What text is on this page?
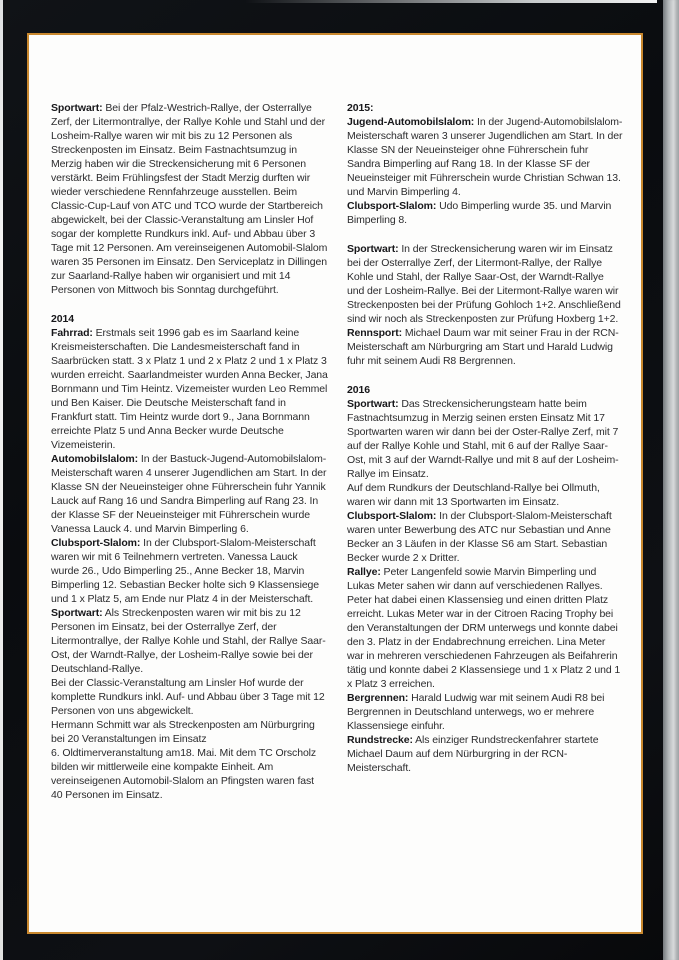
Sportwart: Bei der Pfalz-Westrich-Rallye, der Osterrallye Zerf, der Litermontrallye, der Rallye Kohle und Stahl und der Losheim-Rallye waren wir mit bis zu 12 Personen als Streckenposten im Einsatz. Beim Fastnachtsumzug in Merzig haben wir die Streckensicherung mit 6 Personen verstärkt. Beim Frühlingsfest der Stadt Merzig durften wir wieder verschiedene Rennfahrzeuge ausstellen. Beim Classic-Cup-Lauf von ATC und TCO wurde der Startbereich abgewickelt, bei der Classic-Veranstaltung am Linsler Hof sogar der komplette Rundkurs inkl. Auf- und Abbau über 3 Tage mit 12 Personen. Am vereinseigenen Automobil-Slalom waren 35 Personen im Einsatz. Den Serviceplatz in Dillingen zur Saarland-Rallye haben wir organisiert und mit 14 Personen von Mittwoch bis Sonntag durchgeführt.

2014

Fahrrad: Erstmals seit 1996 gab es im Saarland keine Kreismeisterschaften. Die Landesmeisterschaft fand in Saarbrücken statt. 3 x Platz 1 und 2 x Platz 2 und 1 x Platz 3 wurden erreicht. Saarlandmeister wurden Anna Becker, Jana Bornmann und Tim Heintz. Vizemeister wurden Leo Remmel und Ben Kaiser. Die Deutsche Meisterschaft fand in Frankfurt statt. Tim Heintz wurde dort 9., Jana Bornmann erreichte Platz 5 und Anna Becker wurde Deutsche Vizemeisterin.

Automobilslalom: In der Bastuck-Jugend-Automobilslalom-Meisterschaft waren 4 unserer Jugendlichen am Start. In der Klasse SN der Neueinsteiger ohne Führerschein fuhr Yannik Lauck auf Rang 16 und Sandra Bimperling auf Rang 23. In der Klasse SF der Neueinsteiger mit Führerschein wurde Vanessa Lauck 4. und Marvin Bimperling 6.

Clubsport-Slalom: In der Clubsport-Slalom-Meisterschaft waren wir mit 6 Teilnehmern vertreten. Vanessa Lauck wurde 26., Udo Bimperling 25., Anne Becker 18, Marvin Bimperling 12. Sebastian Becker holte sich 9 Klassensiege und 1 x Platz 5, am Ende nur Platz 4 in der Meisterschaft.

Sportwart: Als Streckenposten waren wir mit bis zu 12 Personen im Einsatz, bei der Osterrallye Zerf, der Litermontrallye, der Rallye Kohle und Stahl, der Rallye Saar-Ost, der Warndt-Rallye, der Losheim-Rallye sowie bei der Deutschland-Rallye.
Bei der Classic-Veranstaltung am Linsler Hof wurde der komplette Rundkurs inkl. Auf- und Abbau über 3 Tage mit 12 Personen von uns abgewickelt.
Hermann Schmitt war als Streckenposten am Nürburgring bei 20 Veranstaltungen im Einsatz
6. Oldtimerveranstaltung am18. Mai. Mit dem TC Orscholz bilden wir mittlerweile eine kompakte Einheit. Am vereinseigenen Automobil-Slalom an Pfingsten waren fast 40 Personen im Einsatz.

2015:

Jugend-Automobilslalom: In der Jugend-Automobilslalom-Meisterschaft waren 3 unserer Jugendlichen am Start. In der Klasse SN der Neueinsteiger ohne Führerschein fuhr Sandra Bimperling auf Rang 18. In der Klasse SF der Neueinsteiger mit Führerschein wurde Christian Schwan 13. und Marvin Bimperling 4.

Clubsport-Slalom: Udo Bimperling wurde 35. und Marvin Bimperling 8.

Sportwart: In der Streckensicherung waren wir im Einsatz bei der Osterrallye Zerf, der Litermont-Rallye, der Rallye Kohle und Stahl, der Rallye Saar-Ost, der Warndt-Rallye und der Losheim-Rallye. Bei der Litermont-Rallye waren wir Streckenposten bei der Prüfung Gohloch 1+2. Anschließend sind wir noch als Streckenposten zur Prüfung Hoxberg 1+2.

Rennsport: Michael Daum war mit seiner Frau in der RCN-Meisterschaft am Nürburgring am Start und Harald Ludwig fuhr mit seinem Audi R8 Bergrennen.

2016

Sportwart: Das Streckensicherungsteam hatte beim Fastnachtsumzug in Merzig seinen ersten Einsatz Mit 17 Sportwarten waren wir dann bei der Oster-Rallye Zerf, mit 7 auf der Rallye Kohle und Stahl, mit 6 auf der Rallye Saar-Ost, mit 3 auf der Warndt-Rallye und mit 8 auf der Losheim-Rallye im Einsatz.
Auf dem Rundkurs der Deutschland-Rallye bei Ollmuth, waren wir dann mit 13 Sportwarten im Einsatz.

Clubsport-Slalom: In der Clubsport-Slalom-Meisterschaft waren unter Bewerbung des ATC nur Sebastian und Anne Becker an 3 Läufen in der Klasse S6 am Start. Sebastian Becker wurde 2 x Dritter.

Rallye: Peter Langenfeld sowie Marvin Bimperling und Lukas Meter sahen wir dann auf verschiedenen Rallyes. Peter hat dabei einen Klassensieg und einen dritten Platz erreicht. Lukas Meter war in der Citroen Racing Trophy bei den Veranstaltungen der DRM unterwegs und konnte dabei den 3. Platz in der Endabrechnung erreichen. Lina Meter war in mehreren verschiedenen Fahrzeugen als Beifahrerin tätig und konnte dabei 2 Klassensiege und 1 x Platz 2 und 1 x Platz 3 erreichen.

Bergrennen: Harald Ludwig war mit seinem Audi R8 bei Bergrennen in Deutschland unterwegs, wo er mehrere Klassensiege einfuhr.

Rundstrecke: Als einziger Rundstreckenfahrer startete Michael Daum auf dem Nürburgring in der RCN-Meisterschaft.
